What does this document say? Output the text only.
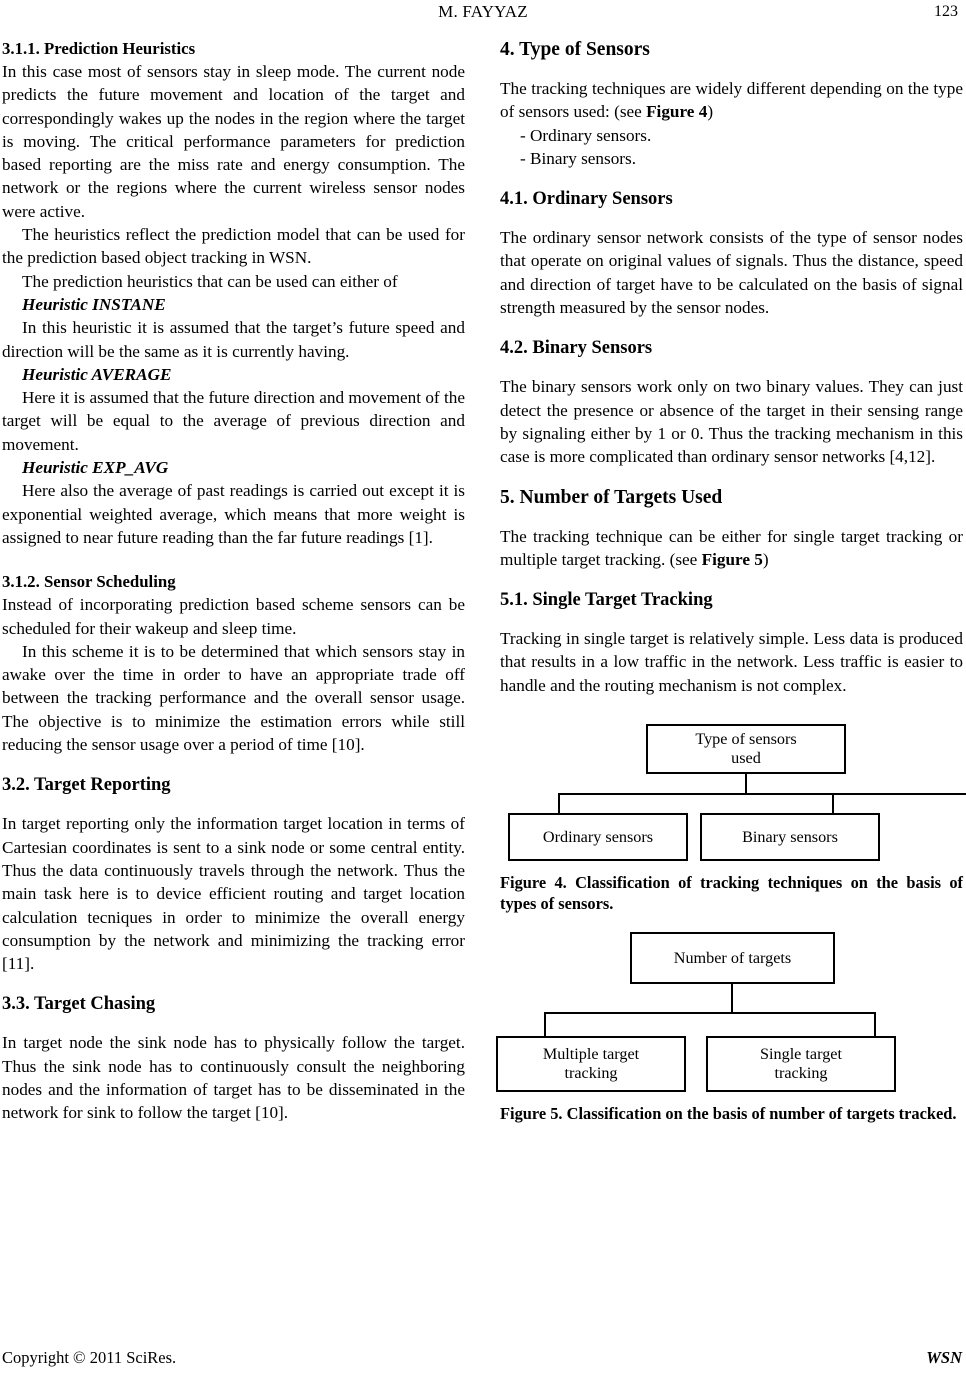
M. FAYYAZ	123
3.1.1. Prediction Heuristics

In this case most of sensors stay in sleep mode. The current node predicts the future movement and location of the target and correspondingly wakes up the nodes in the region where the target is moving. The critical performance parameters for prediction based reporting are the miss rate and energy consumption. The network or the regions where the current wireless sensor nodes were active.

The heuristics reflect the prediction model that can be used for the prediction based object tracking in WSN.

The prediction heuristics that can be used can either of

Heuristic INSTANE

In this heuristic it is assumed that the target’s future speed and direction will be the same as it is currently having.

Heuristic AVERAGE

Here it is assumed that the future direction and movement of the target will be equal to the average of previous direction and movement.

Heuristic EXP_AVG

Here also the average of past readings is carried out except it is exponential weighted average, which means that more weight is assigned to near future reading than the far future readings [1].

3.1.2. Sensor Scheduling

Instead of incorporating prediction based scheme sensors can be scheduled for their wakeup and sleep time.

In this scheme it is to be determined that which sensors stay in awake over the time in order to have an appropriate trade off between the tracking performance and the overall sensor usage. The objective is to minimize the estimation errors while still reducing the sensor usage over a period of time [10].

3.2. Target Reporting

In target reporting only the information target location in terms of Cartesian coordinates is sent to a sink node or some central entity. Thus the data continuously travels through the network. Thus the main task here is to device efficient routing and target location calculation tecniques in order to minimize the overall energy consumption by the network and minimizing the tracking error [11].

3.3. Target Chasing

In target node the sink node has to physically follow the target. Thus the sink node has to continuously consult the neighboring nodes and the information of target has to be disseminated in the network for sink to follow the target [10].

4. Type of Sensors

The tracking techniques are widely different depending on the type of sensors used: (see Figure 4)

- Ordinary sensors.
- Binary sensors.
4.1. Ordinary Sensors

The ordinary sensor network consists of the type of sensor nodes that operate on original values of signals. Thus the distance, speed and direction of target have to be calculated on the basis of signal strength measured by the sensor nodes.

4.2. Binary Sensors

The binary sensors work only on two binary values. They can just detect the presence or absence of the target in their sensing range by signaling either by 1 or 0. Thus the tracking mechanism in this case is more complicated than ordinary sensor networks [4,12].

5. Number of Targets Used

The tracking technique can be either for single target tracking or multiple target tracking. (see Figure 5)

5.1. Single Target Tracking

Tracking in single target is relatively simple. Less data is produced that results in a low traffic in the network. Less traffic is easier to handle and the routing mechanism is not complex.

Type of sensors
used
Ordinary sensors	Binary sensors
Figure 4. Classification of tracking techniques on the basis of types of sensors.
Number of targets
Multiple target
tracking
Single target
tracking
Figure 5. Classification on the basis of number of targets tracked.
Copyright © 2011 SciRes.	WSN
